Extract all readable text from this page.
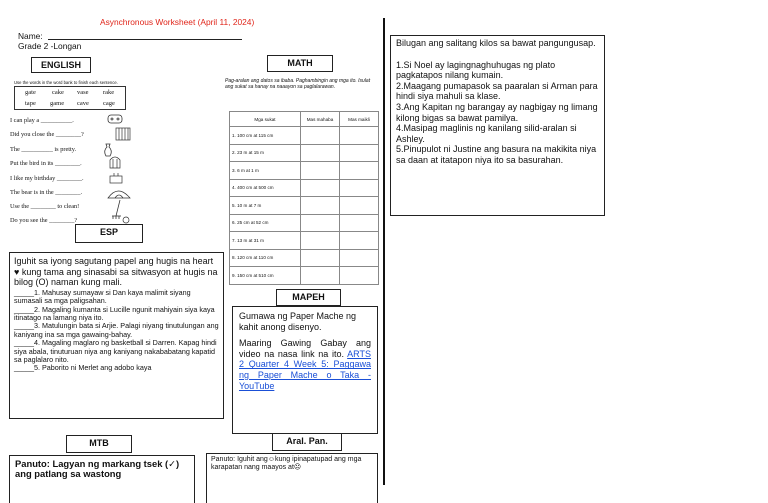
Asynchronous Worksheet (April 11, 2024)
Name:
Grade 2 -Longan
ENGLISH
Use the words in the word bank to finish each sentence.
gate cake vase rake
tape game cave cage
I can play a __________.
Did you close the ________?
The __________ is pretty.
Put the bird in its ________.
I like my birthday ________.
The bear is in the ________.
Use the ________ to clean!
Do you see the ________?
ESP
Iguhit sa iyong sagutang papel ang hugis na heart ♥ kung tama ang sinasabi sa sitwasyon at hugis na bilog (O) naman kung mali.
_____1. Mahusay sumayaw si Dan kaya malimit siyang sumasali sa mga paligsahan.
_____2. Magaling kumanta si Lucille ngunit mahiyain siya kaya itinatago na lamang niya ito.
_____3. Matulungin bata si Arjie. Palagi niyang tinutulungan ang kaniyang ina sa mga gawaing-bahay.
_____4. Magaling maglaro ng basketball si Darren. Kapag hindi siya abala, tinuturuan niya ang kaniyang nakababatang kapatid sa paglalaro nito.
_____5. Paborito ni Merlet ang adobo kaya
MATH
Pag-aralan ang datos sa ibaba. Paghambingin ang mga ito. Isulat ang sukat sa hanay na naaayon sa paglalarawan.
Mga sukat	Mas mahaba	Mas maikli
1. 100 cm at 115 cm		
2. 23 m at 15 m		
3. 6 m at 1 m		
4. 400 cm at 500 cm		
5. 10 m at 7 m		
6. 25 cm at 52 cm		
7. 13 m at 31 m		
8. 120 cm at 110 cm		
9. 150 cm at 510 cm		
MAPEH
Gumawa ng Paper Mache ng kahit anong disenyo.
Maaring Gawing Gabay ang video na nasa link na ito. ARTS 2 Quarter 4 Week 5: Paggawa ng Paper Mache o Taka - YouTube
MTB
Panuto: Lagyan ng markang tsek (✓) ang patlang sa wastong
Aral. Pan.
Panuto: Iguhit ang☺kung ipinapatupad ang mga karapatan nang maayos at☹
Bilugan ang salitang kilos sa bawat pangungusap.
1.Si Noel ay lagingnaghuhugas ng plato pagkatapos nilang kumain.
2.Maagang pumapasok sa paaralan si Arman para hindi siya mahuli sa klase.
3.Ang Kapitan ng barangay ay nagbigay ng limang kilong bigas sa bawat pamilya.
4.Masipag maglinis ng kanilang silid-aralan si Ashley.
5.Pinupulot ni Justine ang basura na makikita niya sa daan at itatapon niya ito sa basurahan.
